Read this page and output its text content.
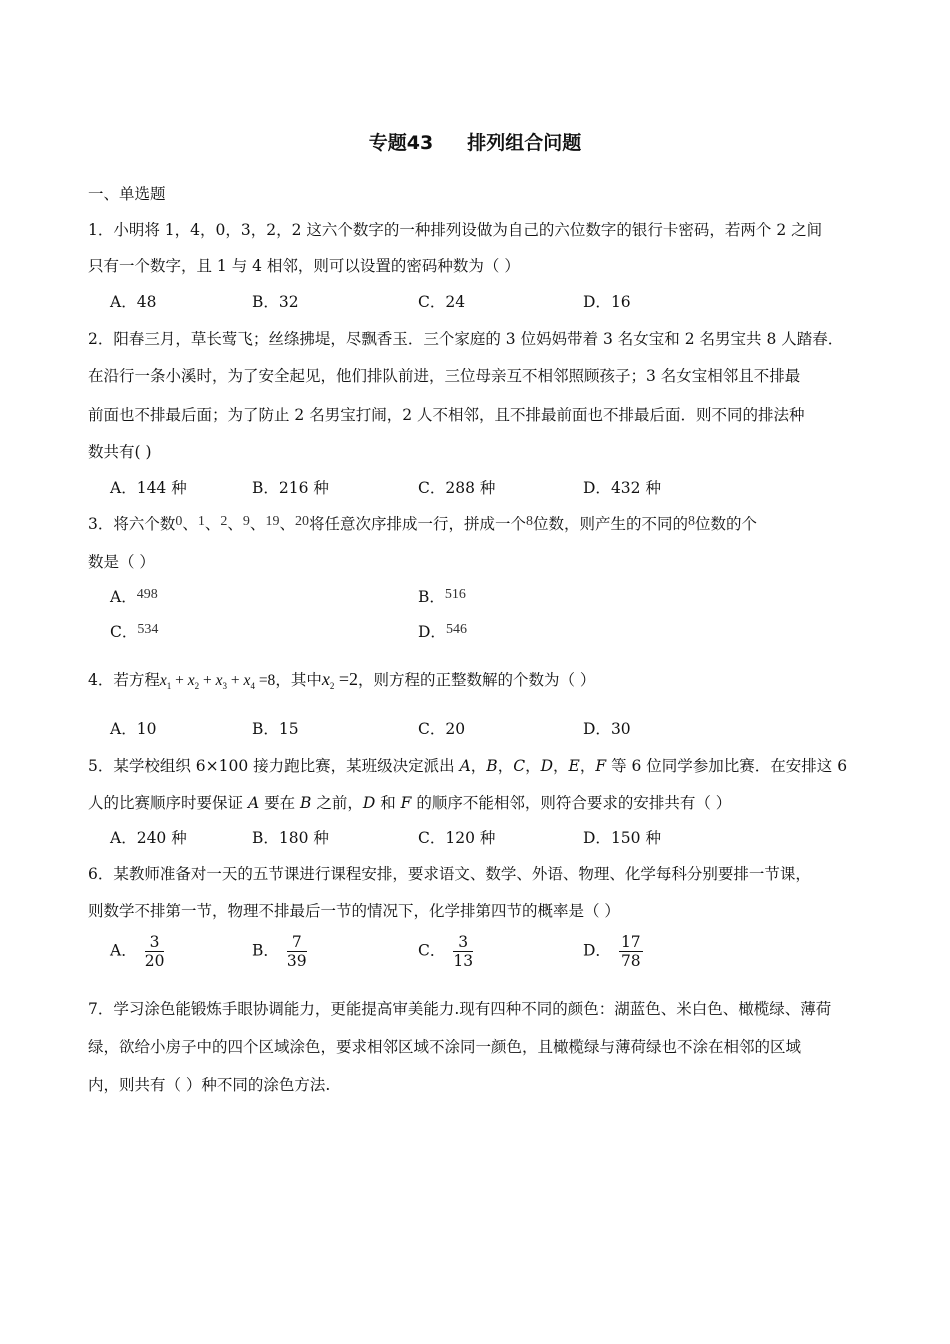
专题43 排列组合问题
一、单选题
1．小明将 1，4，0，3，2，2 这六个数字的一种排列设做为自己的六位数字的银行卡密码，若两个 2 之间
只有一个数字，且 1 与 4 相邻，则可以设置的密码种数为（ ）
A．48	B．32	C．24	D．16
2．阳春三月，草长莺飞；丝绦拂堤，尽飘香玉．三个家庭的 3 位妈妈带着 3 名女宝和 2 名男宝共 8 人踏春．
在沿行一条小溪时，为了安全起见，他们排队前进，三位母亲互不相邻照顾孩子；3 名女宝相邻且不排最
前面也不排最后面；为了防止 2 名男宝打闹，2 人不相邻，且不排最前面也不排最后面．则不同的排法种
数共有( )
A．144 种	B．216 种	C．288 种	D．432 种
3．将六个数0、1、2、9、19、20将任意次序排成一行，拼成一个8位数，则产生的不同的8位数的个
数是（ ）
A．498	B．516
C．534	D．546
4．若方程$x_1 + x_2 + x_3 + x_4 =8$，其中$x_2 =2$，则方程的正整数解的个数为（ ）
A．10	B．15	C．20	D．30
5．某学校组织 6×100 接力跑比赛，某班级决定派出 A，B，C，D，E，F 等 6 位同学参加比赛．在安排这 6
人的比赛顺序时要保证 A 要在 B 之前，D 和 F 的顺序不能相邻，则符合要求的安排共有（ ）
A．240 种	B．180 种	C．120 种	D．150 种
6．某教师准备对一天的五节课进行课程安排，要求语文、数学、外语、物理、化学每科分别要排一节课，
则数学不排第一节，物理不排最后一节的情况下，化学排第四节的概率是（ ）
A． $\frac{3}{20}$	B． $\frac{7}{39}$	C． $\frac{3}{13}$	D． $\frac{17}{78}$
7．学习涂色能锻炼手眼协调能力，更能提高审美能力.现有四种不同的颜色：湖蓝色、米白色、橄榄绿、薄荷
绿，欲给小房子中的四个区域涂色，要求相邻区域不涂同一颜色，且橄榄绿与薄荷绿也不涂在相邻的区域
内，则共有（ ）种不同的涂色方法.
